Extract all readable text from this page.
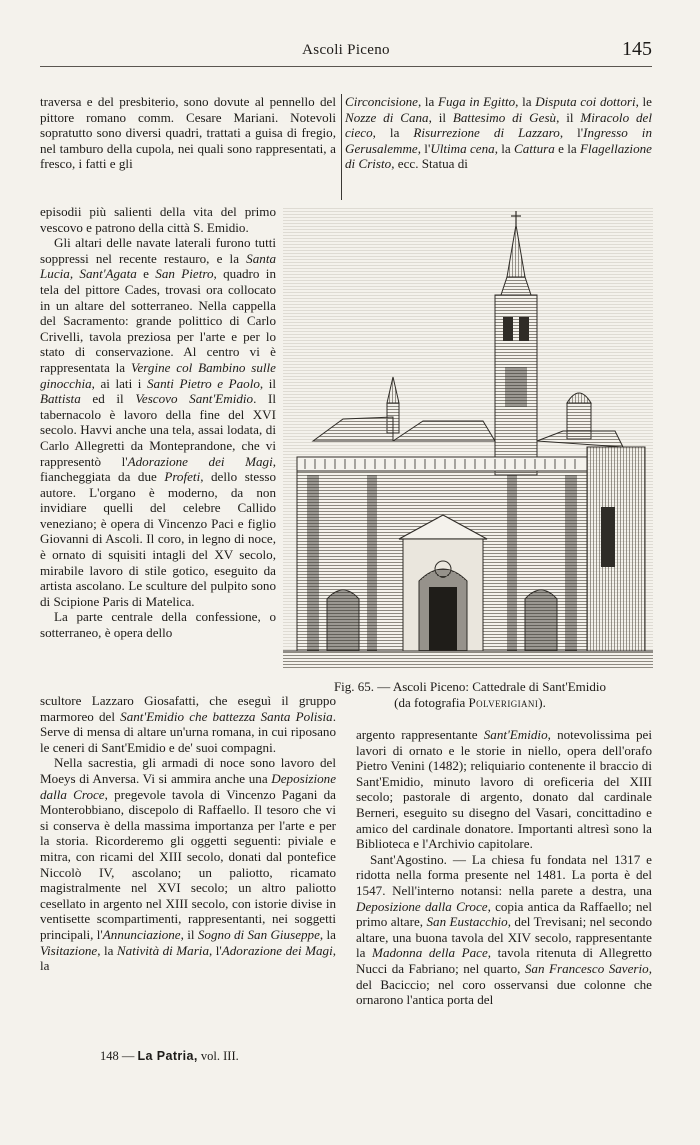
Ascoli Piceno	145

traversa e del presbiterio, sono dovute al pennello del pittore romano comm. Cesare Mariani. Notevoli sopratutto sono diversi quadri, trattati a guisa di fregio, nel tamburo della cupola, nei quali sono rappresentati, a fresco, i fatti e gli

episodii più salienti della vita del primo vescovo e patrono della città S. Emidio.

Gli altari delle navate laterali furono tutti soppressi nel recente restauro, e la Santa Lucia, Sant'Agata e San Pietro, quadro in tela del pittore Cades, trovasi ora collocato in un altare del sotterraneo. Nella cappella del Sacramento: grande polittico di Carlo Crivelli, tavola preziosa per l'arte e per lo stato di conservazione. Al centro vi è rappresentata la Vergine col Bambino sulle ginocchia, ai lati i Santi Pietro e Paolo, il Battista ed il Vescovo Sant'Emidio. Il tabernacolo è lavoro della fine del XVI secolo. Havvi anche una tela, assai lodata, di Carlo Allegretti da Monteprandone, che vi rappresentò l'Adorazione dei Magi, fiancheggiata da due Profeti, dello stesso autore. L'organo è moderno, da non invidiare quelli del celebre Callido veneziano; è opera di Vincenzo Paci e figlio Giovanni di Ascoli. Il coro, in legno di noce, è ornato di squisiti intagli del XV secolo, mirabile lavoro di stile gotico, eseguito da artista ascolano. Le sculture del pulpito sono di Scipione Paris di Matelica.

La parte centrale della confessione, o sotterraneo, è opera dello

scultore Lazzaro Giosafatti, che eseguì il gruppo marmoreo del Sant'Emidio che battezza Santa Polisia. Serve di mensa di altare un'urna romana, in cui riposano le ceneri di Sant'Emidio e de' suoi compagni.

Nella sacrestia, gli armadi di noce sono lavoro del Moeys di Anversa. Vi si ammira anche una Deposizione dalla Croce, pregevole tavola di Vincenzo Pagani da Monterobbiano, discepolo di Raffaello. Il tesoro che vi si conserva è della massima importanza per l'arte e per la storia. Ricorderemo gli oggetti seguenti: piviale e mitra, con ricami del XIII secolo, donati dal pontefice Niccolò IV, ascolano; un paliotto, ricamato magistralmente nel XVI secolo; un altro paliotto cesellato in argento nel XIII secolo, con istorie divise in ventisette scompartimenti, rappresentanti, nei soggetti principali, l'Annunciazione, il Sogno di San Giuseppe, la Visitazione, la Natività di Maria, l'Adorazione dei Magi, la

Circoncisione, la Fuga in Egitto, la Disputa coi dottori, le Nozze di Cana, il Battesimo di Gesù, il Miracolo del cieco, la Risurrezione di Lazzaro, l'Ingresso in Gerusalemme, l'Ultima cena, la Cattura e la Flagellazione di Cristo, ecc. Statua di

Fig. 65. — Ascoli Piceno: Cattedrale di Sant'Emidio
(da fotografia Polverigiani).

argento rappresentante Sant'Emidio, notevolissima pei lavori di ornato e le storie in niello, opera dell'orafo Pietro Venini (1482); reliquiario contenente il braccio di Sant'Emidio, minuto lavoro di oreficeria del XIII secolo; pastorale di argento, donato dal cardinale Berneri, eseguito su disegno del Vasari, concittadino e amico del cardinale donatore. Importanti altresì sono la Biblioteca e l'Archivio capitolare.

Sant'Agostino. — La chiesa fu fondata nel 1317 e ridotta nella forma presente nel 1481. La porta è del 1547. Nell'interno notansi: nella parete a destra, una Deposizione dalla Croce, copia antica da Raffaello; nel primo altare, San Eustacchio, del Trevisani; nel secondo altare, una buona tavola del XIV secolo, rappresentante la Madonna della Pace, tavola ritenuta di Allegretto Nucci da Fabriano; nel quarto, San Francesco Saverio, del Baciccio; nel coro osservansi due colonne che ornarono l'antica porta del

148 — La Patria, vol. III.
